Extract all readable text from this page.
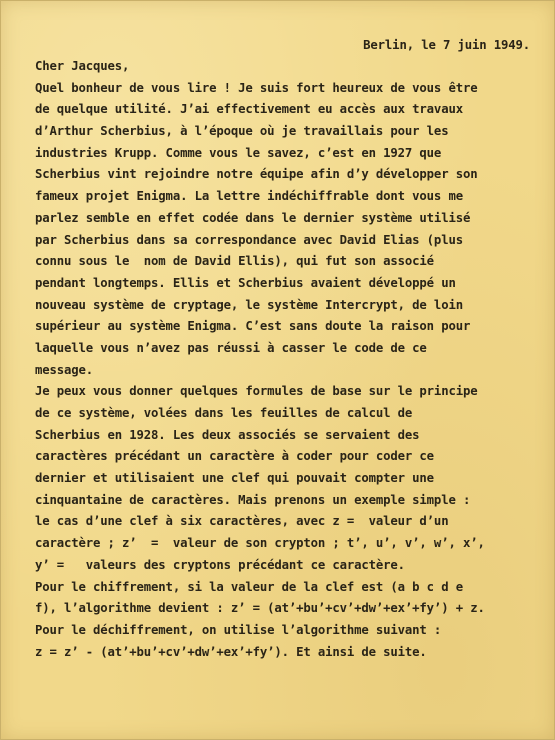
Berlin, le 7 juin 1949.
Cher Jacques,
Quel bonheur de vous lire ! Je suis fort heureux de vous être
de quelque utilité. J’ai effectivement eu accès aux travaux
d’Arthur Scherbius, à l’époque où je travaillais pour les
industries Krupp. Comme vous le savez, c’est en 1927 que
Scherbius vint rejoindre notre équipe afin d’y développer son
fameux projet Enigma. La lettre indéchiffrable dont vous me
parlez semble en effet codée dans le dernier système utilisé
par Scherbius dans sa correspondance avec David Elias (plus
connu sous le  nom de David Ellis), qui fut son associé
pendant longtemps. Ellis et Scherbius avaient développé un
nouveau système de cryptage, le système Intercrypt, de loin
supérieur au système Enigma. C’est sans doute la raison pour
laquelle vous n’avez pas réussi à casser le code de ce
message.
Je peux vous donner quelques formules de base sur le principe
de ce système, volées dans les feuilles de calcul de
Scherbius en 1928. Les deux associés se servaient des
caractères précédant un caractère à coder pour coder ce
dernier et utilisaient une clef qui pouvait compter une
cinquantaine de caractères. Mais prenons un exemple simple :
le cas d’une clef à six caractères, avec z =  valeur d’un
caractère ; z’  =  valeur de son crypton ; t’, u’, v’, w’, x’,
y’ =   valeurs des cryptons précédant ce caractère.
Pour le chiffrement, si la valeur de la clef est (a b c d e
f), l’algorithme devient : z’ = (at’+bu’+cv’+dw’+ex’+fy’) + z.
Pour le déchiffrement, on utilise l’algorithme suivant :
z = z’ - (at’+bu’+cv’+dw’+ex’+fy’). Et ainsi de suite.
